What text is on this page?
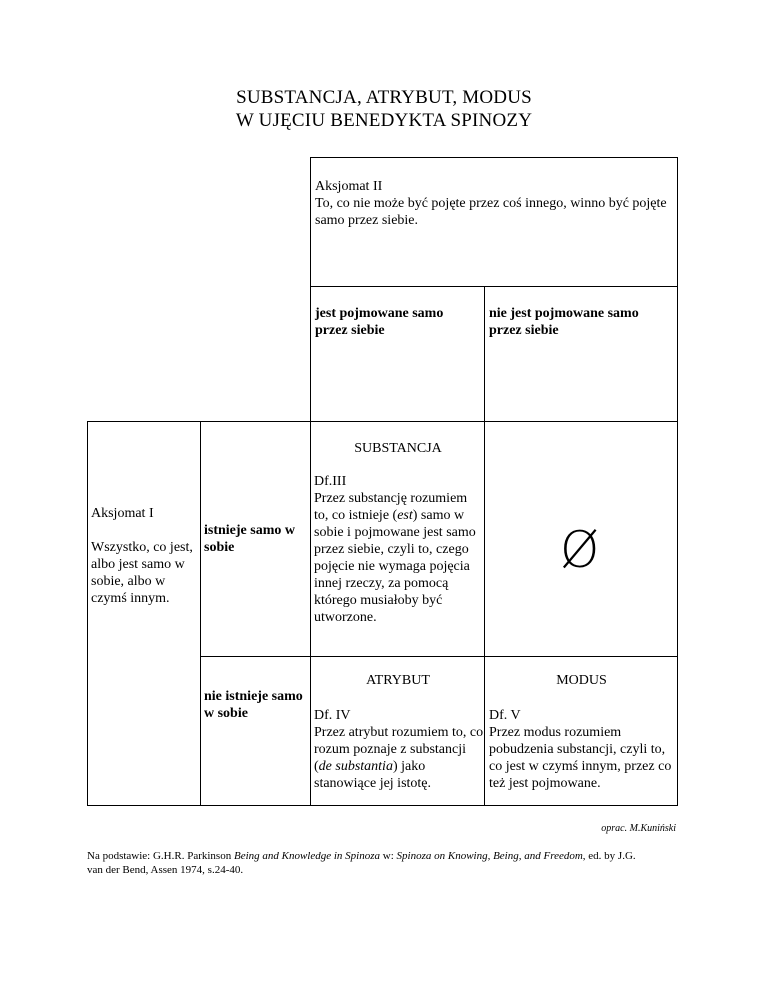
SUBSTANCJA, ATRYBUT, MODUS
W UJĘCIU BENEDYKTA SPINOZY
Aksjomat II
To, co nie może być pojęte przez coś innego, winno być pojęte samo przez siebie.
jest pojmowane samo przez siebie
nie jest pojmowane samo przez siebie
Aksjomat I
Wszystko, co jest, albo jest samo w sobie, albo w czymś innym.
istnieje samo w sobie
nie istnieje samo w sobie
SUBSTANCJA
Df.III
Przez substancję rozumiem to, co istnieje (est) samo w sobie i pojmowane jest samo przez siebie, czyli to, czego pojęcie nie wymaga pojęcia innej rzeczy, za pomocą którego musiałoby być utworzone.
Ø
ATRYBUT
Df. IV
Przez atrybut rozumiem to, co rozum poznaje z substancji (de substantia) jako stanowiące jej istotę.
MODUS
Df. V
Przez modus rozumiem pobudzenia substancji, czyli to, co jest w czymś innym, przez co też jest pojmowane.
oprac. M.Kuniński
Na podstawie: G.H.R. Parkinson Being and Knowledge in Spinoza w: Spinoza on Knowing, Being, and Freedom, ed. by J.G. van der Bend, Assen 1974, s.24-40.
